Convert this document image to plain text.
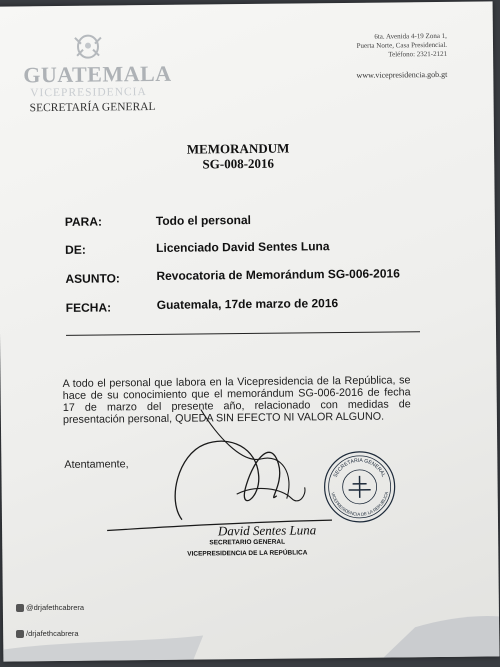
GUATEMALA
VICEPRESIDENCIA
SECRETARÍA GENERAL
6ta. Avenida 4-19 Zona 1,
Puerta Norte, Casa Presidencial.
Teléfono: 2321-2121
www.vicepresidencia.gob.gt
MEMORANDUM
SG-008-2016
PARA:	Todo el personal
DE:	Licenciado David Sentes Luna
ASUNTO:	Revocatoria de Memorándum SG-006-2016
FECHA:	Guatemala, 17de marzo de 2016
A todo el personal que labora en la Vicepresidencia de la República, se hace de su conocimiento que el memorándum SG-006-2016 de fecha 17 de marzo del presente año, relacionado con medidas de presentación personal, QUEDA SIN EFECTO NI VALOR ALGUNO.
Atentamente,
SECRETARIA GENERAL
VICEPRESIDENCIA DE LA REPUBLICA
David Sentes Luna
SECRETARIO GENERAL
VICEPRESIDENCIA DE LA REPÚBLICA
@drjafethcabrera
/drjafethcabrera
